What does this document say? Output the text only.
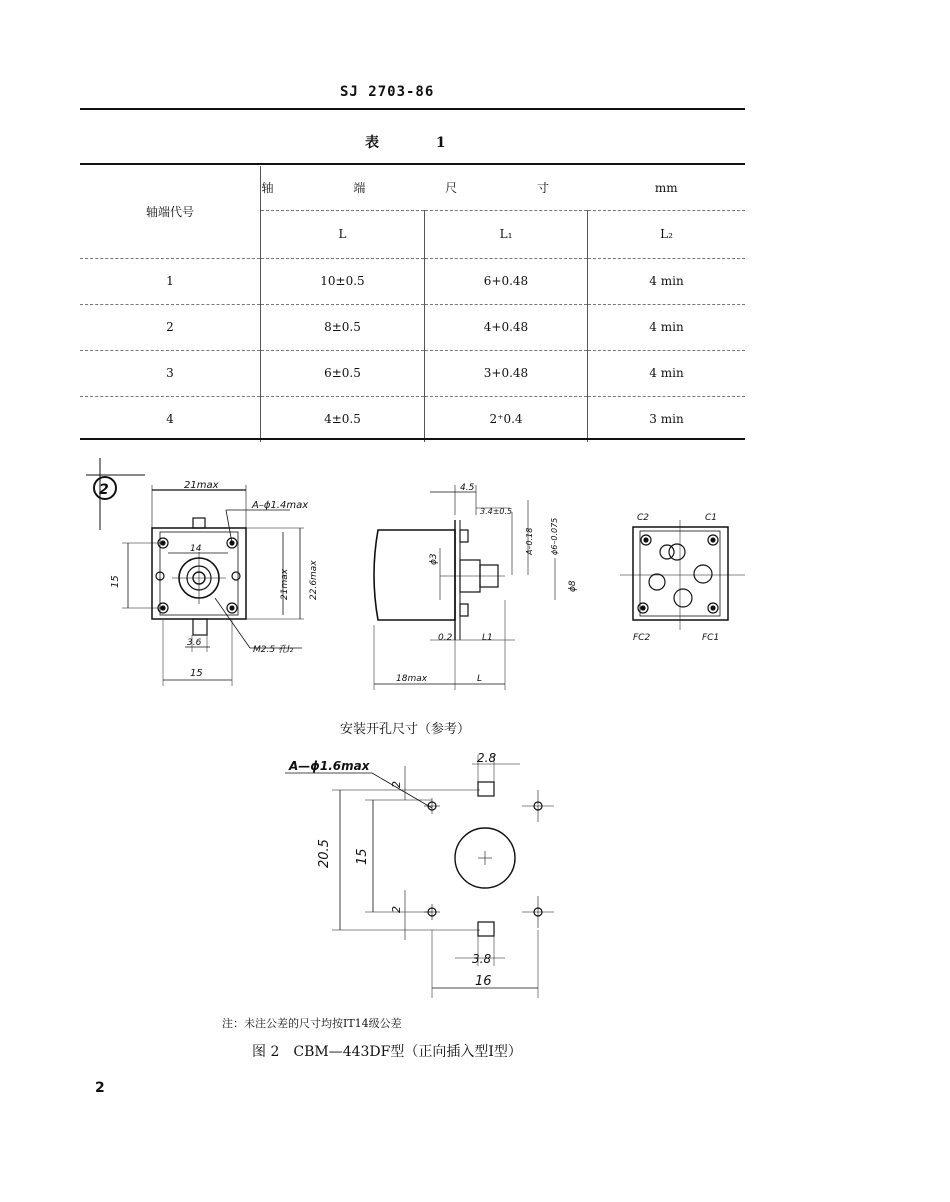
SJ 2703-86
表 1
轴端代号	轴 端 尺 寸		mm
	L	L₁	L₂
1	10±0.5	6+0.48	4 min
2	8±0.5	4+0.48	4 min
3	6±0.5	3+0.48	4 min
4	4±0.5	2⁺0.4	3 min
2	21max
A–ϕ1.4max
14
21max 22.6max
15
3.6
15
M2.5 孔l₂
4.5
3.4±0.5
A–0.18 ϕ6–0.075
ϕ3
ϕ8
0.2	L1
18max	L
C2	C1
FC2	FC1
A—ϕ1.6max
20.5 15
2
2
2.8
3.8
16
安装开孔尺寸（参考）
注：未注公差的尺寸均按IT14级公差
图 2　CBM—443DF型（正向插入型Ⅰ型）
2
